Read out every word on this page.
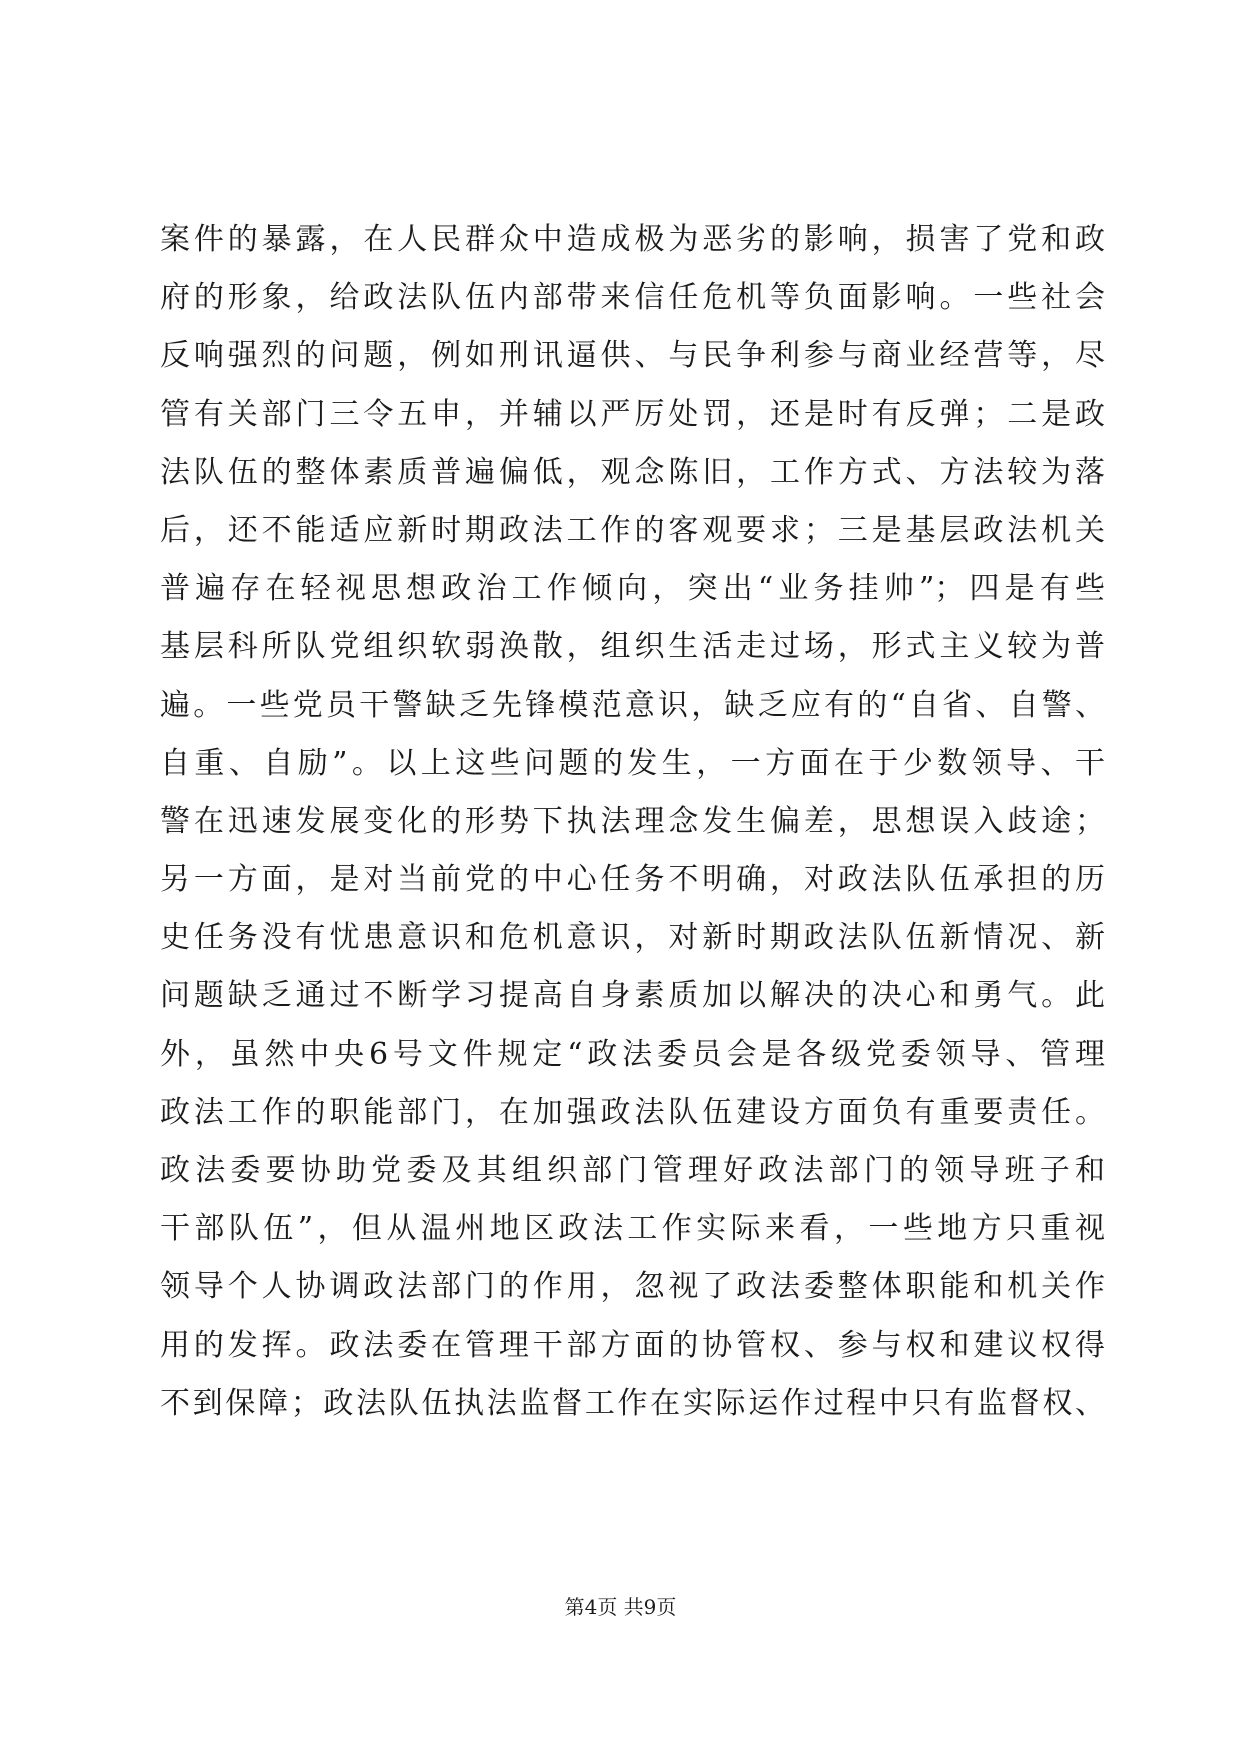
案件的暴露，在人民群众中造成极为恶劣的影响，损害了党和政
府的形象，给政法队伍内部带来信任危机等负面影响。一些社会
反响强烈的问题，例如刑讯逼供、与民争利参与商业经营等，尽
管有关部门三令五申，并辅以严厉处罚，还是时有反弹；二是政
法队伍的整体素质普遍偏低，观念陈旧，工作方式、方法较为落
后，还不能适应新时期政法工作的客观要求；三是基层政法机关
普遍存在轻视思想政治工作倾向，突出“业务挂帅”；四是有些
基层科所队党组织软弱涣散，组织生活走过场，形式主义较为普
遍。一些党员干警缺乏先锋模范意识，缺乏应有的“自省、自警、
自重、自励”。以上这些问题的发生，一方面在于少数领导、干
警在迅速发展变化的形势下执法理念发生偏差，思想误入歧途；
另一方面，是对当前党的中心任务不明确，对政法队伍承担的历
史任务没有忧患意识和危机意识，对新时期政法队伍新情况、新
问题缺乏通过不断学习提高自身素质加以解决的决心和勇气。此
外，虽然中央6号文件规定“政法委员会是各级党委领导、管理
政法工作的职能部门，在加强政法队伍建设方面负有重要责任。
政法委要协助党委及其组织部门管理好政法部门的领导班子和
干部队伍”，但从温州地区政法工作实际来看，一些地方只重视
领导个人协调政法部门的作用，忽视了政法委整体职能和机关作
用的发挥。政法委在管理干部方面的协管权、参与权和建议权得
不到保障；政法队伍执法监督工作在实际运作过程中只有监督权、
第4页 共9页
